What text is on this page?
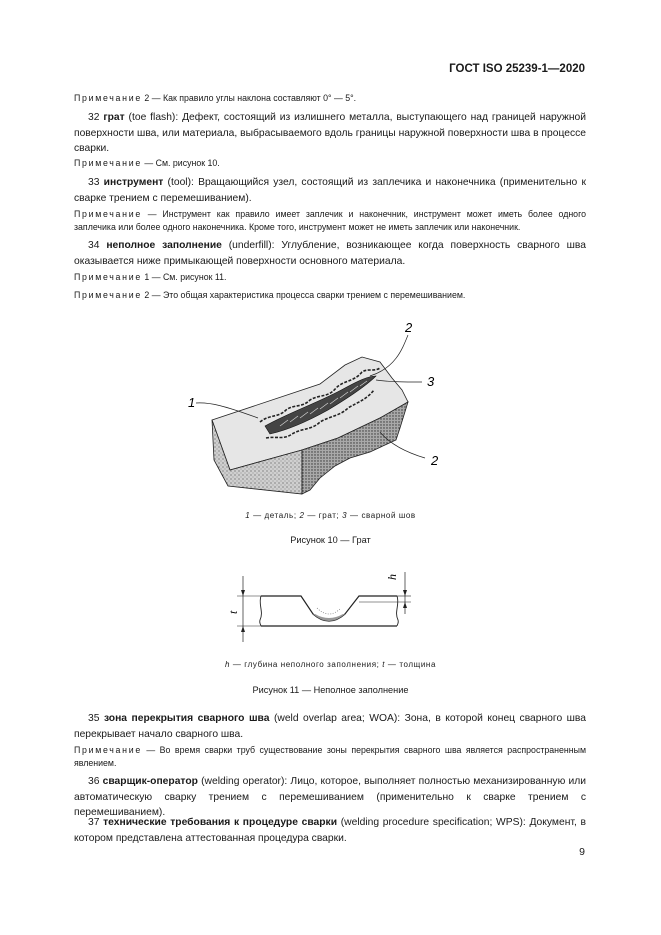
ГОСТ ISO 25239-1—2020

Примечание 2 — Как правило углы наклона составляют 0° — 5°.

32 грат (toe flash): Дефект, состоящий из излишнего металла, выступающего над границей наружной поверхности шва, или материала, выбрасываемого вдоль границы наружной поверхности шва в процессе сварки.

Примечание — См. рисунок 10.

33 инструмент (tool): Вращающийся узел, состоящий из заплечика и наконечника (применительно к сварке трением с перемешиванием).

Примечание — Инструмент как правило имеет заплечик и наконечник, инструмент может иметь более одного заплечика или более одного наконечника. Кроме того, инструмент может не иметь заплечик или наконечник.

34 неполное заполнение (underfill): Углубление, возникающее когда поверхность сварного шва оказывается ниже примыкающей поверхности основного материала.

Примечание 1 — См. рисунок 11.

Примечание 2 — Это общая характеристика процесса сварки трением с перемешиванием.

1
2
3
2
1 — деталь; 2 — грат; 3 — сварной шов
Рисунок 10 — Грат
t
h
h — глубина неполного заполнения; t — толщина
Рисунок 11 — Неполное заполнение

35 зона перекрытия сварного шва (weld overlap area; WOA): Зона, в которой конец сварного шва перекрывает начало сварного шва.

Примечание — Во время сварки труб существование зоны перекрытия сварного шва является распространенным явлением.

36 сварщик-оператор (welding operator): Лицо, которое, выполняет полностью механизированную или автоматическую сварку трением с перемешиванием (применительно к сварке трением с перемешиванием).

37 технические требования к процедуре сварки (welding procedure specification; WPS): Документ, в котором представлена аттестованная процедура сварки.

9
